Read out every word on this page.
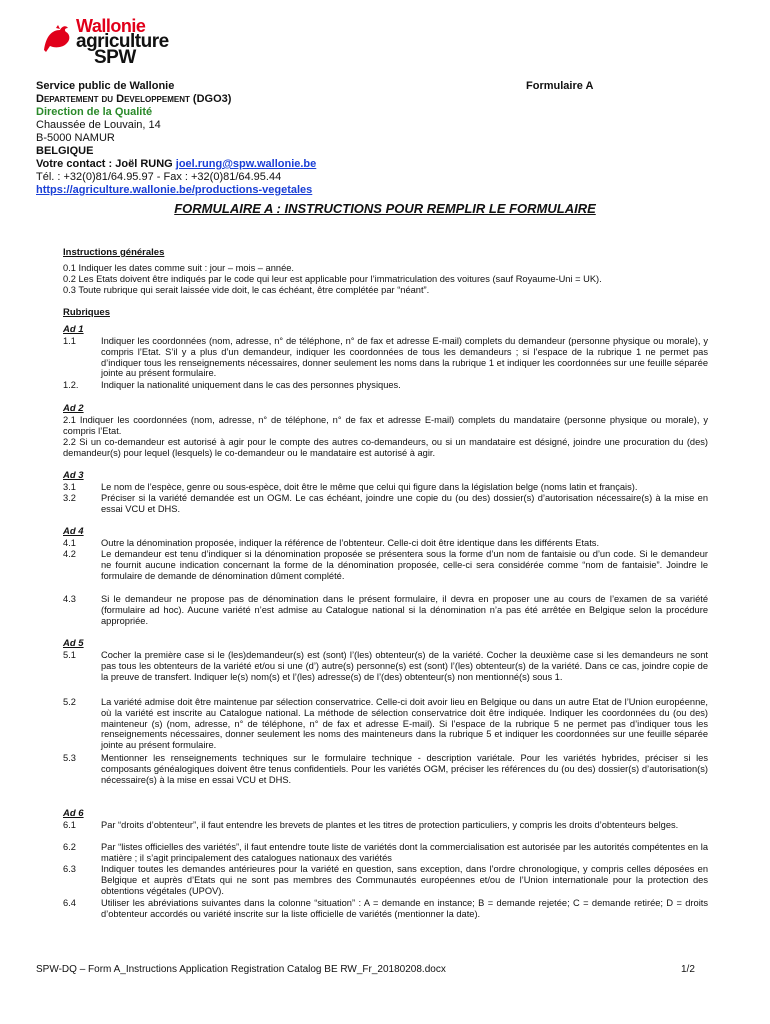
Wallonie
agriculture
SPW
Service public de Wallonie	Formulaire A
Departement du Developpement (DGO3)
Direction de la Qualité
Chaussée de Louvain, 14
B-5000 NAMUR
BELGIQUE
Votre contact : Joël RUNG joel.rung@spw.wallonie.be
Tél. : +32(0)81/64.95.97 - Fax : +32(0)81/64.95.44
https://agriculture.wallonie.be/productions-vegetales
FORMULAIRE A : INSTRUCTIONS POUR REMPLIR LE FORMULAIRE
Instructions générales
0.1 Indiquer les dates comme suit : jour – mois – année.
0.2 Les Etats doivent être indiqués par le code qui leur est applicable pour l’immatriculation des voitures (sauf Royaume-Uni = UK).
0.3 Toute rubrique qui serait laissée vide doit, le cas échéant, être complétée par “néant”.
Rubriques
Ad 1
1.1	Indiquer les coordonnées (nom, adresse, n° de téléphone, n° de fax et adresse E-mail) complets du demandeur (personne physique ou morale), y compris l’Etat. S’il y a plus d’un demandeur, indiquer les coordonnées de tous les demandeurs ; si l’espace de la rubrique 1 ne permet pas d’indiquer tous les renseignements nécessaires, donner seulement les noms dans la rubrique 1 et indiquer les coordonnées sur une feuille séparée jointe au présent formulaire.
1.2. Indiquer la nationalité uniquement dans le cas des personnes physiques.
Ad 2
2.1 Indiquer les coordonnées (nom, adresse, n° de téléphone, n° de fax et adresse E-mail) complets du mandataire (personne physique ou morale), y compris l’Etat.
2.2 Si un co-demandeur est autorisé à agir pour le compte des autres co-demandeurs, ou si un mandataire est désigné, joindre une procuration du (des) demandeur(s) pour lequel (lesquels) le co-demandeur ou le mandataire est autorisé à agir.
Ad 3
3.1	Le nom de l’espèce, genre ou sous-espèce, doit être le même que celui qui figure dans la législation belge (noms latin et français).
3.2	Préciser si la variété demandée est un OGM. Le cas échéant, joindre une copie du (ou des) dossier(s) d’autorisation nécessaire(s) à la mise en essai VCU et DHS.
Ad 4
4.1	Outre la dénomination proposée, indiquer la référence de l’obtenteur. Celle-ci doit être identique dans les différents Etats.
4.2	Le demandeur est tenu d’indiquer si la dénomination proposée se présentera sous la forme d’un nom de fantaisie ou d’un code. Si le demandeur ne fournit aucune indication concernant la forme de la dénomination proposée, celle-ci sera considérée comme “nom de fantaisie”. Joindre le formulaire de demande de dénomination dûment complété.
4.3	Si le demandeur ne propose pas de dénomination dans le présent formulaire, il devra en proposer une au cours de l’examen de sa variété (formulaire ad hoc). Aucune variété n’est admise au Catalogue national si la dénomination n’a pas été arrêtée en Belgique selon la procédure appropriée.
Ad 5
5.1	Cocher la première case si le (les)demandeur(s) est (sont) l’(les) obtenteur(s) de la variété. Cocher la deuxième case si les demandeurs ne sont pas tous les obtenteurs de la variété et/ou si une (d’) autre(s) personne(s) est (sont) l’(les) obtenteur(s) de la variété. Dans ce cas, joindre copie de la preuve de transfert. Indiquer le(s) nom(s) et l’(les) adresse(s) de l’(des) obtenteur(s) non mentionné(s) sous 1.
5.2	La variété admise doit être maintenue par sélection conservatrice. Celle-ci doit avoir lieu en Belgique ou dans un autre Etat de l’Union européenne, où la variété est inscrite au Catalogue national. La méthode de sélection conservatrice doit être indiquée. Indiquer les coordonnées du (ou des) mainteneur (s) (nom, adresse, n° de téléphone, n° de fax et adresse E-mail). Si l’espace de la rubrique 5 ne permet pas d’indiquer tous les renseignements nécessaires, donner seulement les noms des mainteneurs dans la rubrique 5 et indiquer les coordonnées sur une feuille séparée jointe au présent formulaire.
5.3	Mentionner les renseignements techniques sur le formulaire technique - description variétale. Pour les variétés hybrides, préciser si les composants généalogiques doivent être tenus confidentiels. Pour les variétés OGM, préciser les références du (ou des) dossier(s) d’autorisation(s) nécessaire(s) à la mise en essai VCU et DHS.
Ad 6
6.1	Par “droits d’obtenteur”, il faut entendre les brevets de plantes et les titres de protection particuliers, y compris les droits d’obtenteurs belges.
6.2	Par “listes officielles des variétés”, il faut entendre toute liste de variétés dont la commercialisation est autorisée par les autorités compétentes en la matière ; il s’agit principalement des catalogues nationaux des variétés
6.3	Indiquer toutes les demandes antérieures pour la variété en question, sans exception, dans l’ordre chronologique, y compris celles déposées en Belgique et auprès d’Etats qui ne sont pas membres des Communautés européennes et/ou de l’Union internationale pour la protection des obtentions végétales (UPOV).
6.4	Utiliser les abréviations suivantes dans la colonne “situation” : A = demande en instance; B = demande rejetée; C = demande retirée; D = droits d’obtenteur accordés ou variété inscrite sur la liste officielle de variétés (mentionner la date).
SPW-DQ – Form A_Instructions Application Registration Catalog BE RW_Fr_20180208.docx	1/2
